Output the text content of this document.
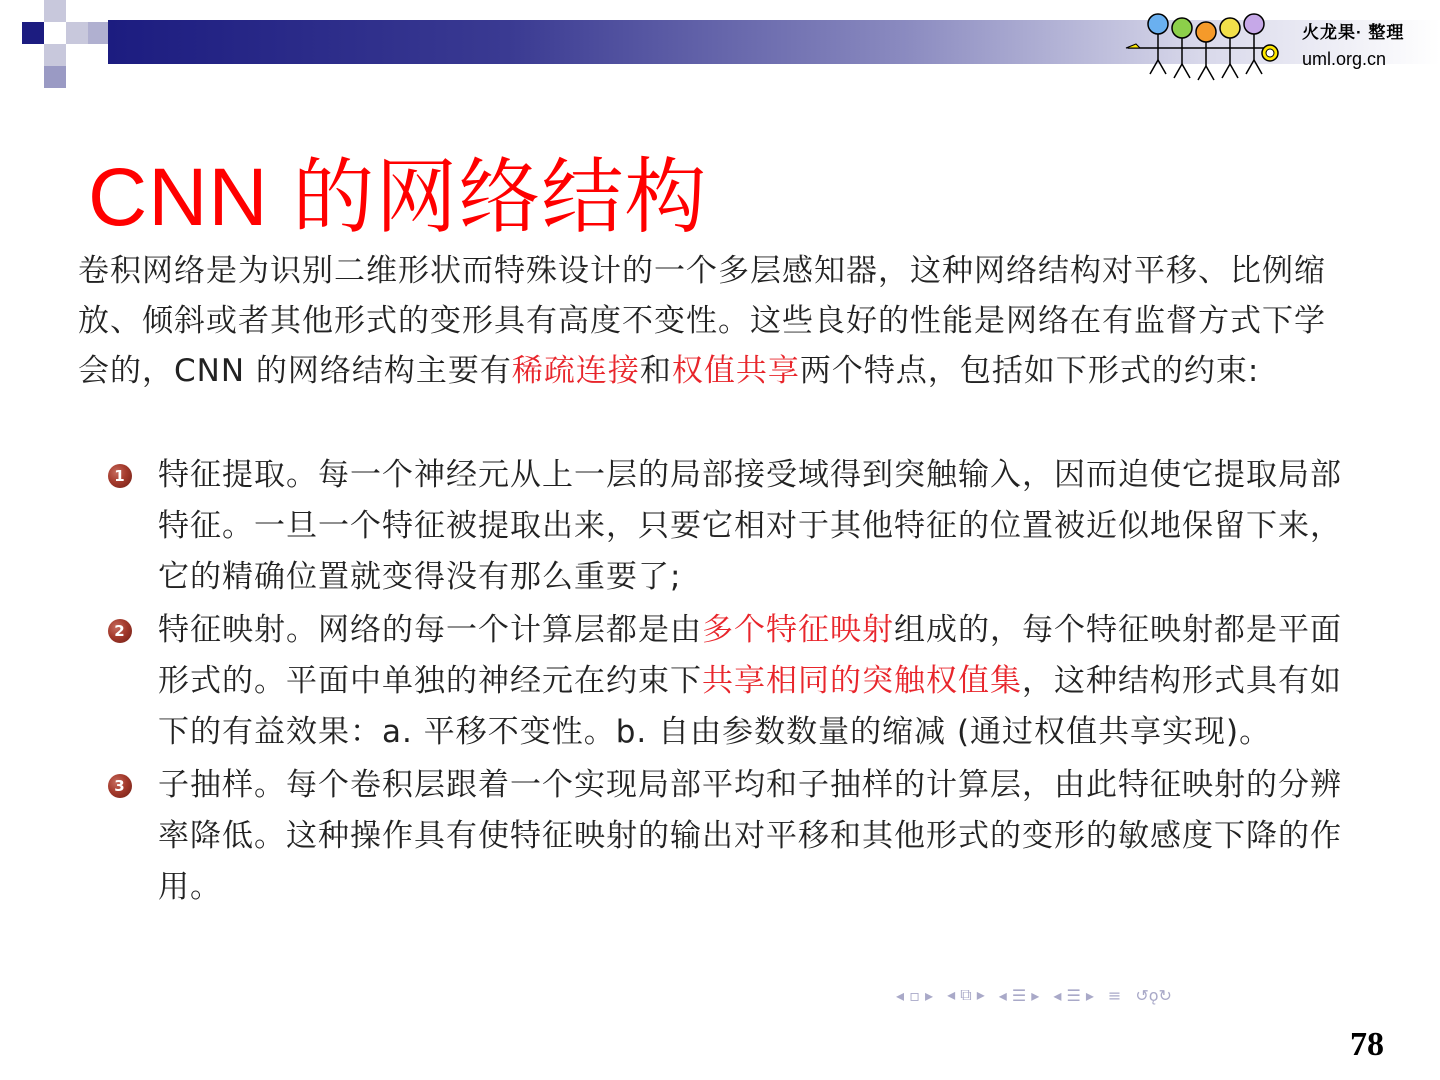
火龙果· 整理
uml.org.cn
CNN 的网络结构
卷积网络是为识别二维形状而特殊设计的一个多层感知器，这种网络结构对平移、比例缩放、倾斜或者其他形式的变形具有高度不变性。这些良好的性能是网络在有监督方式下学会的，CNN 的网络结构主要有稀疏连接和权值共享两个特点，包括如下形式的约束:
1 特征提取。每一个神经元从上一层的局部接受域得到突触输入，因而迫使它提取局部特征。一旦一个特征被提取出来，只要它相对于其他特征的位置被近似地保留下来，它的精确位置就变得没有那么重要了;
2 特征映射。网络的每一个计算层都是由多个特征映射组成的，每个特征映射都是平面形式的。平面中单独的神经元在约束下共享相同的突触权值集，这种结构形式具有如下的有益效果：a. 平移不变性。b. 自由参数数量的缩减 (通过权值共享实现)。
3 子抽样。每个卷积层跟着一个实现局部平均和子抽样的计算层，由此特征映射的分辨率降低。这种操作具有使特征映射的输出对平移和其他形式的变形的敏感度下降的作用。
◂ ▫ ▸ ◂ ⧉ ▸ ◂ ☰ ▸ ◂ ☰ ▸ ≡ ↺ǫ↻
78
